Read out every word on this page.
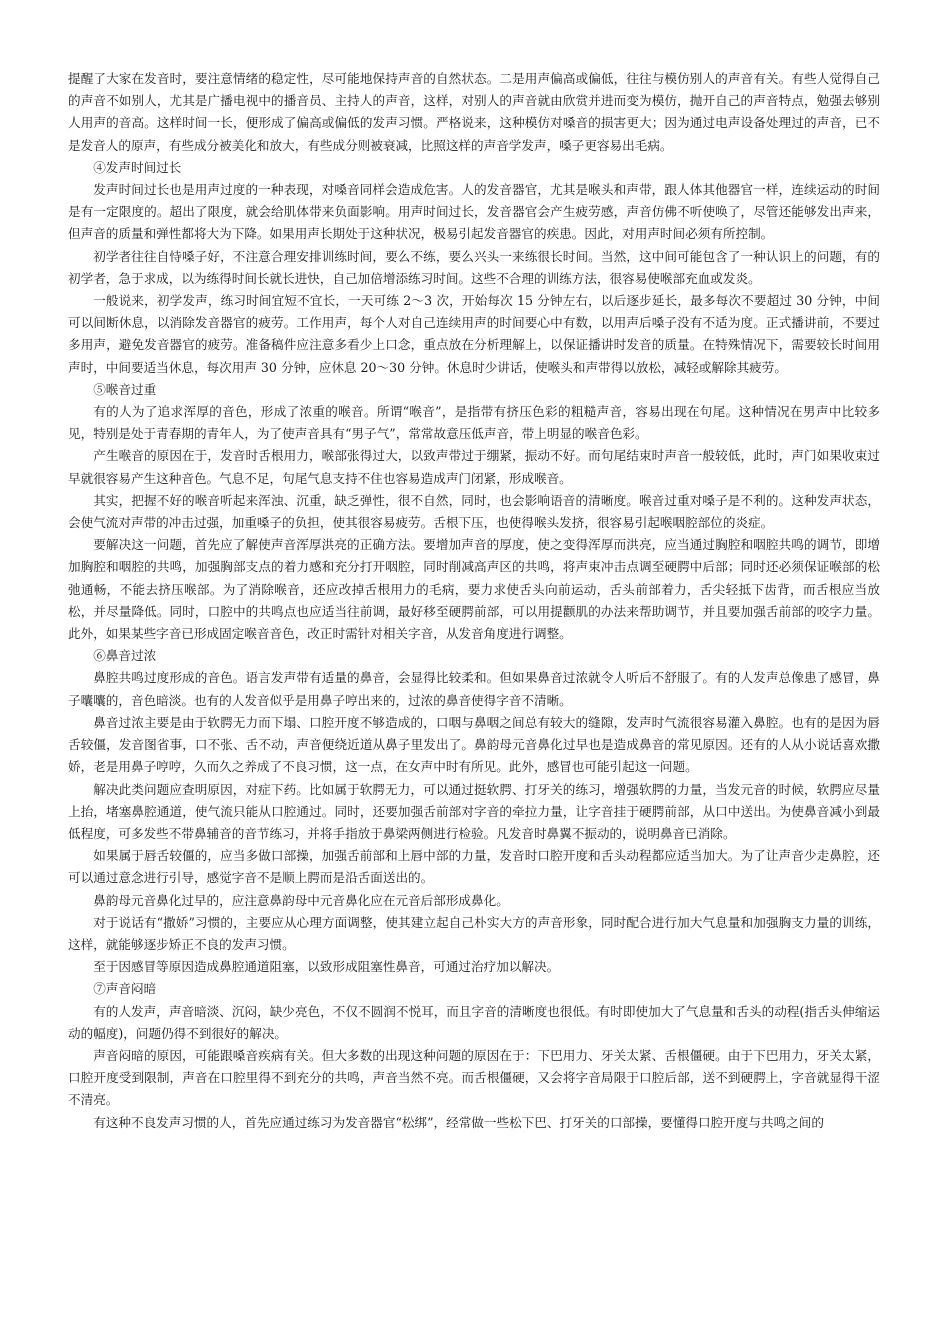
提醒了大家在发音时，要注意情绪的稳定性，尽可能地保持声音的自然状态。二是用声偏高或偏低，往往与模仿别人的声音有关。有些人觉得自己的声音不如别人，尤其是广播电视中的播音员、主持人的声音，这样，对别人的声音就由欣赏并进而变为模仿，抛开自己的声音特点，勉强去够别人用声的音高。这样时间一长，便形成了偏高或偏低的发声习惯。严格说来，这种模仿对嗓音的损害更大；因为通过电声设备处理过的声音，已不是发音人的原声，有些成分被美化和放大，有些成分则被衰减，比照这样的声音学发声，嗓子更容易出毛病。

④发声时间过长

发声时间过长也是用声过度的一种表现，对嗓音同样会造成危害。人的发音器官，尤其是喉头和声带，跟人体其他器官一样，连续运动的时间是有一定限度的。超出了限度，就会给肌体带来负面影响。用声时间过长，发音器官会产生疲劳感，声音仿佛不听使唤了，尽管还能够发出声来，但声音的质量和弹性都将大为下降。如果用声长期处于这种状况，极易引起发音器官的疾患。因此，对用声时间必须有所控制。

初学者往往自恃嗓子好，不注意合理安排训练时间，要么不练，要么兴头一来练很长时间。当然，这中间可能包含了一种认识上的问题，有的初学者，急于求成，以为练得时间长就长进快，自己加倍增添练习时间。这些不合理的训练方法，很容易使喉部充血或发炎。

一般说来，初学发声，练习时间宜短不宜长，一天可练 2～3 次，开始每次 15 分钟左右，以后逐步延长，最多每次不要超过 30 分钟，中间可以间断休息，以消除发音器官的疲劳。工作用声，每个人对自己连续用声的时间要心中有数，以用声后嗓子没有不适为度。正式播讲前，不要过多用声，避免发音器官的疲劳。准备稿件应注意多看少上口念，重点放在分析理解上，以保证播讲时发音的质量。在特殊情况下，需要较长时间用声时，中间要适当休息，每次用声 30 分钟，应休息 20～30 分钟。休息时少讲话，使喉头和声带得以放松，减轻或解除其疲劳。

⑤喉音过重

有的人为了追求浑厚的音色，形成了浓重的喉音。所谓“喉音”，是指带有挤压色彩的粗糙声音，容易出现在句尾。这种情况在男声中比较多见，特别是处于青春期的青年人，为了使声音具有“男子气”，常常故意压低声音，带上明显的喉音色彩。

产生喉音的原因在于，发音时舌根用力，喉部张得过大，以致声带过于绷紧，振动不好。而句尾结束时声音一般较低，此时，声门如果收束过早就很容易产生这种音色。气息不足，句尾气息支持不住也容易造成声门闭紧，形成喉音。

其实，把握不好的喉音听起来浑浊、沉重，缺乏弹性，很不自然，同时，也会影响语音的清晰度。喉音过重对嗓子是不利的。这种发声状态，会使气流对声带的冲击过强，加重嗓子的负担，使其很容易疲劳。舌根下压，也使得喉头发挤，很容易引起喉咽腔部位的炎症。

要解决这一问题，首先应了解使声音浑厚洪亮的正确方法。要增加声音的厚度，使之变得浑厚而洪亮，应当通过胸腔和咽腔共鸣的调节，即增加胸腔和咽腔的共鸣，加强胸部支点的着力感和充分打开咽腔，同时削减高声区的共鸣，将声束冲击点调至硬腭中后部；同时还必须保证喉部的松弛通畅，不能去挤压喉部。为了消除喉音，还应改掉舌根用力的毛病，要力求使舌头向前运动，舌头前部着力，舌尖轻抵下齿背，而舌根应当放松，并尽量降低。同时，口腔中的共鸣点也应适当往前调，最好移至硬腭前部，可以用提颧肌的办法来帮助调节，并且要加强舌前部的咬字力量。此外，如果某些字音已形成固定喉音音色，改正时需针对相关字音，从发音角度进行调整。

⑥鼻音过浓

鼻腔共鸣过度形成的音色。语言发声带有适量的鼻音，会显得比较柔和。但如果鼻音过浓就令人听后不舒服了。有的人发声总像患了感冒，鼻子囔囔的，音色暗淡。也有的人发音似乎是用鼻子哼出来的，过浓的鼻音使得字音不清晰。

鼻音过浓主要是由于软腭无力而下塌、口腔开度不够造成的，口咽与鼻咽之间总有较大的缝隙，发声时气流很容易灌入鼻腔。也有的是因为唇舌较僵，发音图省事，口不张、舌不动，声音便绕近道从鼻子里发出了。鼻韵母元音鼻化过早也是造成鼻音的常见原因。还有的人从小说话喜欢撒娇，老是用鼻子哼哼，久而久之养成了不良习惯，这一点，在女声中时有所见。此外，感冒也可能引起这一问题。

解决此类问题应查明原因，对症下药。比如属于软腭无力，可以通过挺软腭、打牙关的练习，增强软腭的力量，当发元音的时候，软腭应尽量上抬，堵塞鼻腔通道，使气流只能从口腔通过。同时，还要加强舌前部对字音的牵拉力量，让字音挂于硬腭前部，从口中送出。为使鼻音减小到最低程度，可多发些不带鼻辅音的音节练习，并将手指放于鼻梁两侧进行检验。凡发音时鼻翼不振动的，说明鼻音已消除。

如果属于唇舌较僵的，应当多做口部操，加强舌前部和上唇中部的力量，发音时口腔开度和舌头动程都应适当加大。为了让声音少走鼻腔，还可以通过意念进行引导，感觉字音不是顺上腭而是沿舌面送出的。

鼻韵母元音鼻化过早的，应注意鼻韵母中元音鼻化应在元音后部形成鼻化。

对于说话有“撒娇”习惯的，主要应从心理方面调整，使其建立起自己朴实大方的声音形象，同时配合进行加大气息量和加强胸支力量的训练，这样，就能够逐步矫正不良的发声习惯。

至于因感冒等原因造成鼻腔通道阻塞，以致形成阻塞性鼻音，可通过治疗加以解决。

⑦声音闷暗

有的人发声，声音暗淡、沉闷，缺少亮色，不仅不圆润不悦耳，而且字音的清晰度也很低。有时即使加大了气息量和舌头的动程(指舌头伸缩运动的幅度)，问题仍得不到很好的解决。

声音闷暗的原因，可能跟嗓音疾病有关。但大多数的出现这种问题的原因在于：下巴用力、牙关太紧、舌根僵硬。由于下巴用力，牙关太紧，口腔开度受到限制，声音在口腔里得不到充分的共鸣，声音当然不亮。而舌根僵硬，又会将字音局限于口腔后部，送不到硬腭上，字音就显得干涩不清亮。

有这种不良发声习惯的人，首先应通过练习为发音器官“松绑”，经常做一些松下巴、打牙关的口部操，要懂得口腔开度与共鸣之间的
